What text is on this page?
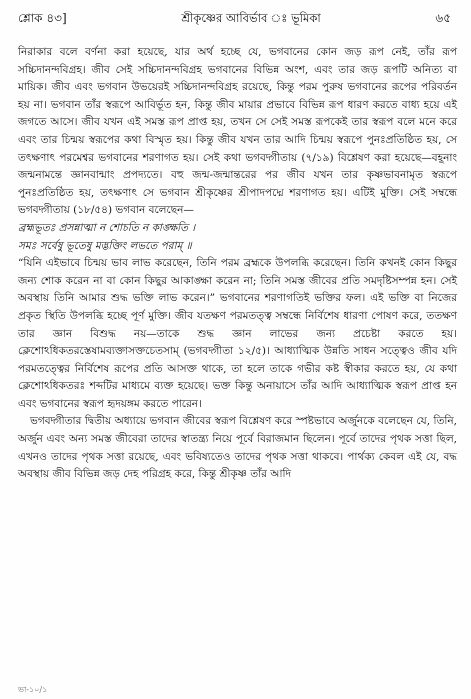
শ্লোক ৪৩]	শ্রীকৃষ্ণের আবির্ভাব ঃ ভূমিকা	৬৫

নিরাকার বলে বর্ণনা করা হয়েছে, যার অর্থ হচ্ছে যে, ভগবানের কোন জড় রূপ নেই, তাঁর রূপ সচ্চিদানন্দবিগ্রহ। জীব সেই সচ্চিদানন্দবিগ্রহ ভগবানের বিভিন্ন অংশ, এবং তার জড় রূপটি অনিত্য বা মায়িক। জীব এবং ভগবান উভয়েরই সচ্চিদানন্দবিগ্রহ রয়েছে, কিন্তু পরম পুরুষ ভগবানের রূপের পরিবর্তন হয় না। ভগবান তাঁর স্বরূপে আবির্ভূত হন, কিন্তু জীব মায়ার প্রভাবে বিভিন্ন রূপ ধারণ করতে বাধ্য হয়ে এই জগতে আসে। জীব যখন এই সমস্ত রূপ প্রাপ্ত হয়, তখন সে সেই সমস্ত রূপকেই তার স্বরূপ বলে মনে করে এবং তার চিন্ময় স্বরূপের কথা বিস্মৃত হয়। কিন্তু জীব যখন তার আদি চিন্ময় স্বরূপে পুনঃপ্রতিষ্ঠিত হয়, সে তৎক্ষণাৎ পরমেশ্বর ভগবানের শরণাগত হয়। সেই কথা ভগবদ্গীতায় (৭/১৯) বিশ্লেষণ করা হয়েছে—বহূনাং জন্মনামন্তে জ্ঞানবান্মাং প্রপদ্যতে। বহু জন্ম-জন্মান্তরের পর জীব যখন তার কৃষ্ণভাবনামৃত স্বরূপে পুনঃপ্রতিষ্ঠিত হয়, তৎক্ষণাৎ সে ভগবান শ্রীকৃষ্ণের শ্রীপাদপদ্মে শরণাগত হয়। এটিই মুক্তি। সেই সম্বন্ধে ভগবদ্গীতায় (১৮/৫৪) ভগবান বলেছেন—

ব্রহ্মভূতঃ প্রসন্নাত্মা ন শোচতি ন কাঙ্ক্ষতি ।

সমঃ সর্বেষু ভূতেষু মদ্ভক্তিং লভতে পরাম্ ॥

“যিনি এইভাবে চিন্ময় ভাব লাভ করেছেন, তিনি পরম ব্রহ্মকে উপলব্ধি করেছেন। তিনি কখনই কোন কিছুর জন্য শোক করেন না বা কোন কিছুর আকাঙ্ক্ষা করেন না; তিনি সমস্ত জীবের প্রতি সমদৃষ্টিসম্পন্ন হন। সেই অবস্থায় তিনি আমার শুদ্ধ ভক্তি লাভ করেন।” ভগবানের শরণাগতিই ভক্তির ফল। এই ভক্তি বা নিজের প্রকৃত স্থিতি উপলব্ধি হচ্ছে পূর্ণ মুক্তি। জীব যতক্ষণ পরমতত্ত্ব সম্বন্ধে নির্বিশেষ ধারণা পোষণ করে, ততক্ষণ তার জ্ঞান বিশুদ্ধ নয়—তাকে শুদ্ধ জ্ঞান লাভের জন্য প্রচেষ্টা করতে হয়। ক্লেশোঽধিকতরস্তেষামব্যক্তাসক্তচেতসাম্ (ভগবদ্গীতা ১২/৫)। আধ্যাত্মিক উন্নতি সাধন সত্ত্বেও জীব যদি পরমতত্ত্বের নির্বিশেষ রূপের প্রতি আসক্ত থাকে, তা হলে তাকে গভীর কষ্ট স্বীকার করতে হয়, যে কথা ক্লেশোঽধিকতরঃ শব্দটির মাধ্যমে ব্যক্ত হয়েছে। ভক্ত কিন্তু অনায়াসে তাঁর আদি আধ্যাত্মিক স্বরূপ প্রাপ্ত হন এবং ভগবানের স্বরূপ হৃদয়ঙ্গম করতে পারেন।

ভগবদ্গীতার দ্বিতীয় অধ্যায়ে ভগবান জীবের স্বরূপ বিশ্লেষণ করে স্পষ্টভাবে অর্জুনকে বলেছেন যে, তিনি, অর্জুন এবং অন্য সমস্ত জীবেরা তাদের স্বাতন্ত্র্য নিয়ে পূর্বে বিরাজমান ছিলেন। পূর্বে তাদের পৃথক সত্তা ছিল, এখনও তাদের পৃথক সত্তা রয়েছে, এবং ভবিষ্যতেও তাদের পৃথক সত্তা থাকবে। পার্থক্য কেবল এই যে, বদ্ধ অবস্থায় জীব বিভিন্ন জড় দেহ পরিগ্রহ করে, কিন্তু শ্রীকৃষ্ণ তাঁর আদি

ভা-১০/১
